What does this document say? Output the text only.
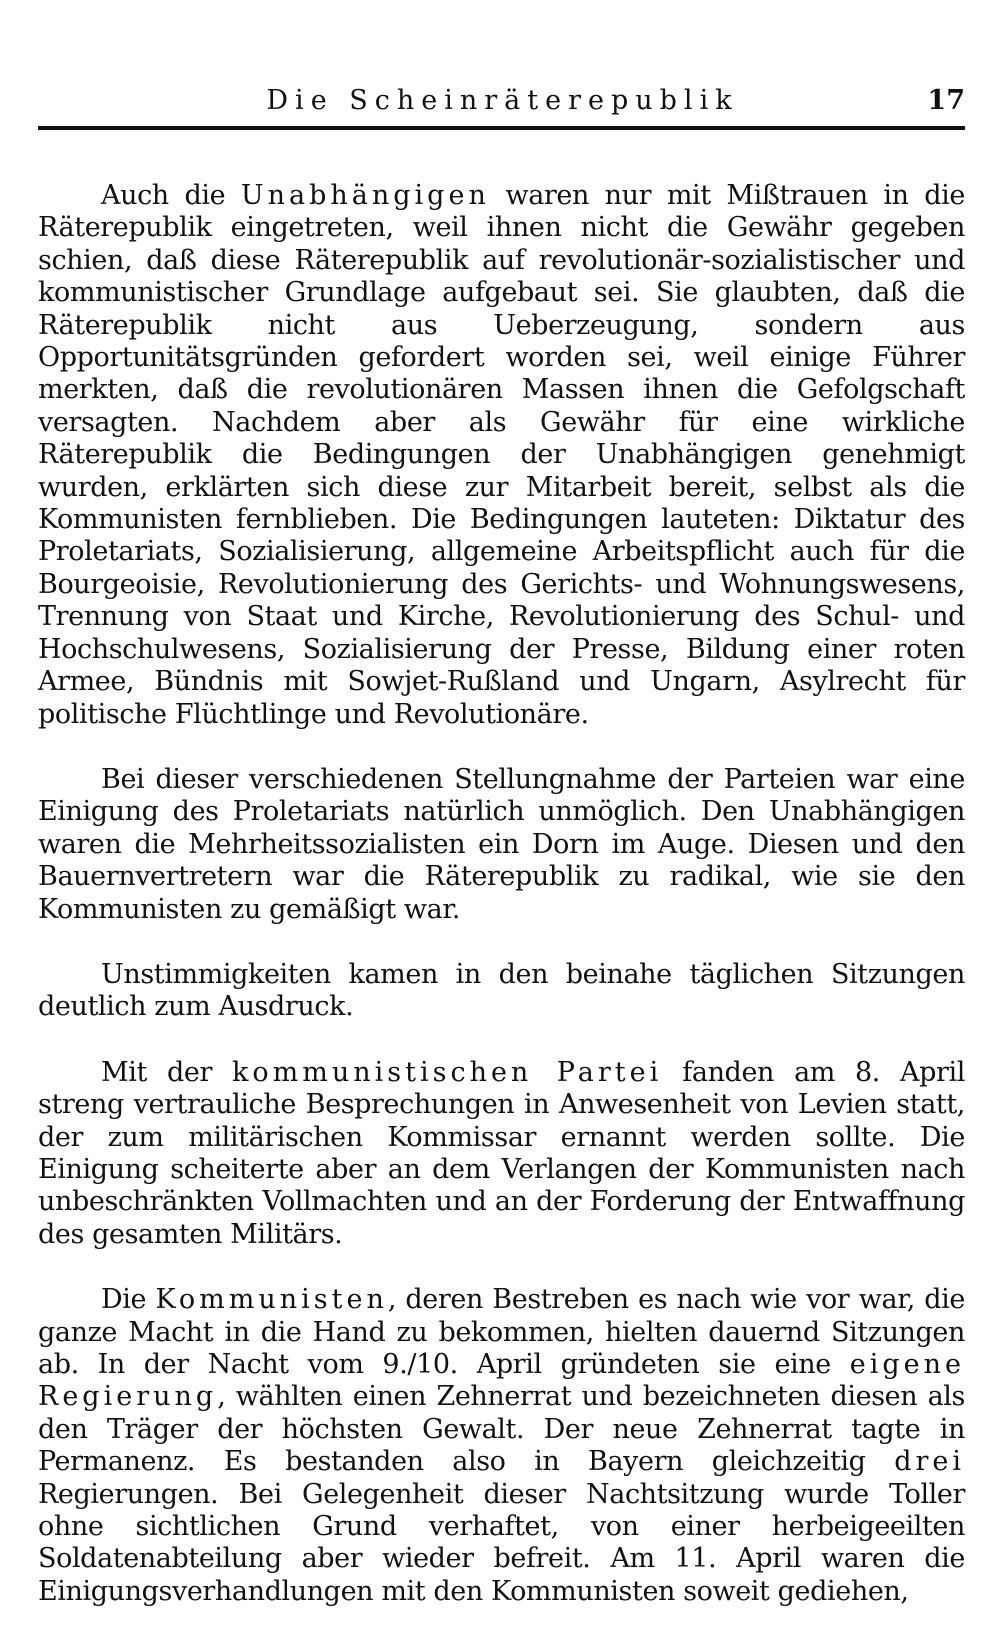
Die Scheinräterepublik	17

Auch die Unabhängigen waren nur mit Mißtrauen in die Räterepublik eingetreten, weil ihnen nicht die Gewähr gegeben schien, daß diese Räterepublik auf revolutionär-sozialistischer und kommunistischer Grundlage aufgebaut sei. Sie glaubten, daß die Räterepublik nicht aus Ueberzeugung, sondern aus Opportunitätsgründen gefordert worden sei, weil einige Führer merkten, daß die revolutionären Massen ihnen die Gefolgschaft versagten. Nachdem aber als Gewähr für eine wirkliche Räterepublik die Bedingungen der Unabhängigen genehmigt wurden, erklärten sich diese zur Mitarbeit bereit, selbst als die Kommunisten fernblieben. Die Bedingungen lauteten: Diktatur des Proletariats, Sozialisierung, allgemeine Arbeitspflicht auch für die Bourgeoisie, Revolutionierung des Gerichts- und Wohnungswesens, Trennung von Staat und Kirche, Revolutionierung des Schul- und Hochschulwesens, Sozialisierung der Presse, Bildung einer roten Armee, Bündnis mit Sowjet-Rußland und Ungarn, Asylrecht für politische Flüchtlinge und Revolutionäre.

Bei dieser verschiedenen Stellungnahme der Parteien war eine Einigung des Proletariats natürlich unmöglich. Den Unabhängigen waren die Mehrheitssozialisten ein Dorn im Auge. Diesen und den Bauernvertretern war die Räterepublik zu radikal, wie sie den Kommunisten zu gemäßigt war.

Unstimmigkeiten kamen in den beinahe täglichen Sitzungen deutlich zum Ausdruck.

Mit der kommunistischen Partei fanden am 8. April streng vertrauliche Besprechungen in Anwesenheit von Levien statt, der zum militärischen Kommissar ernannt werden sollte. Die Einigung scheiterte aber an dem Verlangen der Kommunisten nach unbeschränkten Vollmachten und an der Forderung der Entwaffnung des gesamten Militärs.

Die Kommunisten, deren Bestreben es nach wie vor war, die ganze Macht in die Hand zu bekommen, hielten dauernd Sitzungen ab. In der Nacht vom 9./10. April gründeten sie eine eigene Regierung, wählten einen Zehnerrat und bezeichneten diesen als den Träger der höchsten Gewalt. Der neue Zehnerrat tagte in Permanenz. Es bestanden also in Bayern gleichzeitig drei Regierungen. Bei Gelegenheit dieser Nachtsitzung wurde Toller ohne sichtlichen Grund verhaftet, von einer herbeigeeilten Soldatenabteilung aber wieder befreit. Am 11. April waren die Einigungsverhandlungen mit den Kommunisten soweit gediehen,
